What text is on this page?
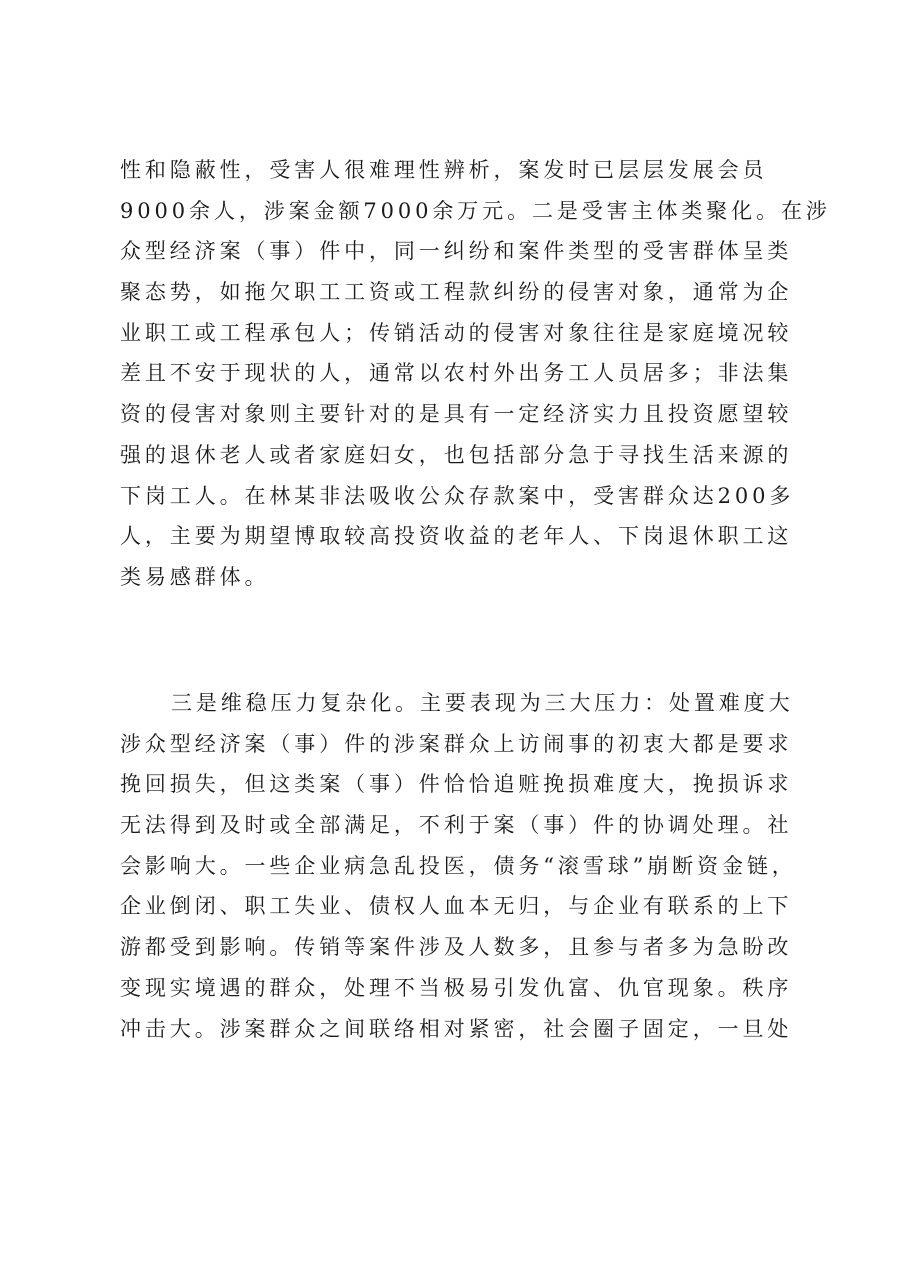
性和隐蔽性，受害人很难理性辨析，案发时已层层发展会员
9000余人，涉案金额7000余万元。二是受害主体类聚化。在涉
众型经济案（事）件中，同一纠纷和案件类型的受害群体呈类
聚态势，如拖欠职工工资或工程款纠纷的侵害对象，通常为企
业职工或工程承包人；传销活动的侵害对象往往是家庭境况较
差且不安于现状的人，通常以农村外出务工人员居多；非法集
资的侵害对象则主要针对的是具有一定经济实力且投资愿望较
强的退休老人或者家庭妇女，也包括部分急于寻找生活来源的
下岗工人。在林某非法吸收公众存款案中，受害群众达200多
人，主要为期望博取较高投资收益的老年人、下岗退休职工这
类易感群体。
三是维稳压力复杂化。主要表现为三大压力：处置难度大
涉众型经济案（事）件的涉案群众上访闹事的初衷大都是要求
挽回损失，但这类案（事）件恰恰追赃挽损难度大，挽损诉求
无法得到及时或全部满足，不利于案（事）件的协调处理。社
会影响大。一些企业病急乱投医，债务“滚雪球”崩断资金链，
企业倒闭、职工失业、债权人血本无归，与企业有联系的上下
游都受到影响。传销等案件涉及人数多，且参与者多为急盼改
变现实境遇的群众，处理不当极易引发仇富、仇官现象。秩序
冲击大。涉案群众之间联络相对紧密，社会圈子固定，一旦处
